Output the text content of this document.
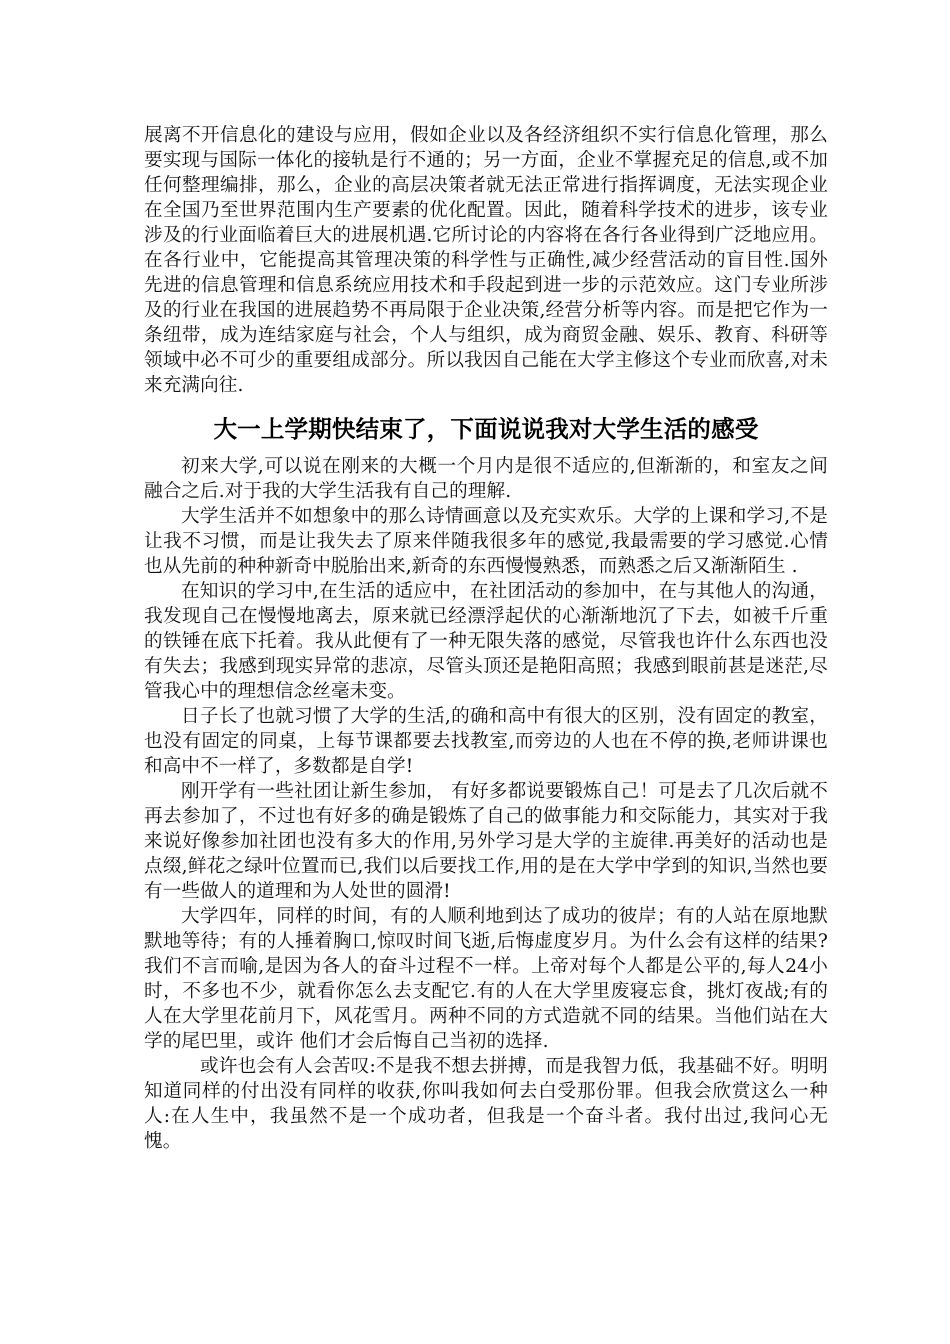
展离不开信息化的建设与应用，假如企业以及各经济组织不实行信息化管理，那么要实现与国际一体化的接轨是行不通的；另一方面，企业不掌握充足的信息,或不加任何整理编排，那么，企业的高层决策者就无法正常进行指挥调度，无法实现企业在全国乃至世界范围内生产要素的优化配置。因此，随着科学技术的进步，该专业涉及的行业面临着巨大的进展机遇.它所讨论的内容将在各行各业得到广泛地应用。在各行业中，它能提高其管理决策的科学性与正确性,减少经营活动的盲目性.国外先进的信息管理和信息系统应用技术和手段起到进一步的示范效应。这门专业所涉及的行业在我国的进展趋势不再局限于企业决策,经营分析等内容。而是把它作为一条纽带，成为连结家庭与社会，个人与组织，成为商贸金融、娱乐、教育、科研等领域中必不可少的重要组成部分。所以我因自己能在大学主修这个专业而欣喜,对未来充满向往.

大一上学期快结束了，下面说说我对大学生活的感受

初来大学,可以说在刚来的大概一个月内是很不适应的,但渐渐的，和室友之间融合之后.对于我的大学生活我有自己的理解.

大学生活并不如想象中的那么诗情画意以及充实欢乐。大学的上课和学习,不是让我不习惯，而是让我失去了原来伴随我很多年的感觉,我最需要的学习感觉.心情也从先前的种种新奇中脱胎出来,新奇的东西慢慢熟悉，而熟悉之后又渐渐陌生 .

在知识的学习中,在生活的适应中，在社团活动的参加中，在与其他人的沟通，我发现自己在慢慢地离去，原来就已经漂浮起伏的心渐渐地沉了下去，如被千斤重的铁锤在底下托着。我从此便有了一种无限失落的感觉，尽管我也许什么东西也没有失去；我感到现实异常的悲凉，尽管头顶还是艳阳高照；我感到眼前甚是迷茫,尽管我心中的理想信念丝毫未变。

日子长了也就习惯了大学的生活,的确和高中有很大的区别，没有固定的教室，也没有固定的同桌，上每节课都要去找教室,而旁边的人也在不停的换,老师讲课也和高中不一样了，多数都是自学!

刚开学有一些社团让新生参加， 有好多都说要锻炼自己！可是去了几次后就不再去参加了，不过也有好多的确是锻炼了自己的做事能力和交际能力，其实对于我来说好像参加社团也没有多大的作用,另外学习是大学的主旋律.再美好的活动也是点缀,鲜花之绿叶位置而已,我们以后要找工作,用的是在大学中学到的知识,当然也要有一些做人的道理和为人处世的圆滑!

大学四年，同样的时间，有的人顺利地到达了成功的彼岸；有的人站在原地默默地等待；有的人捶着胸口,惊叹时间飞逝,后悔虚度岁月。为什么会有这样的结果?我们不言而喻,是因为各人的奋斗过程不一样。上帝对每个人都是公平的,每人24小时，不多也不少，就看你怎么去支配它.有的人在大学里废寝忘食，挑灯夜战;有的人在大学里花前月下，风花雪月。两种不同的方式造就不同的结果。当他们站在大学的尾巴里，或许 他们才会后悔自己当初的选择.

或许也会有人会苦叹:不是我不想去拼搏，而是我智力低，我基础不好。明明知道同样的付出没有同样的收获,你叫我如何去白受那份罪。但我会欣赏这么一种人:在人生中，我虽然不是一个成功者，但我是一个奋斗者。我付出过,我问心无愧。
